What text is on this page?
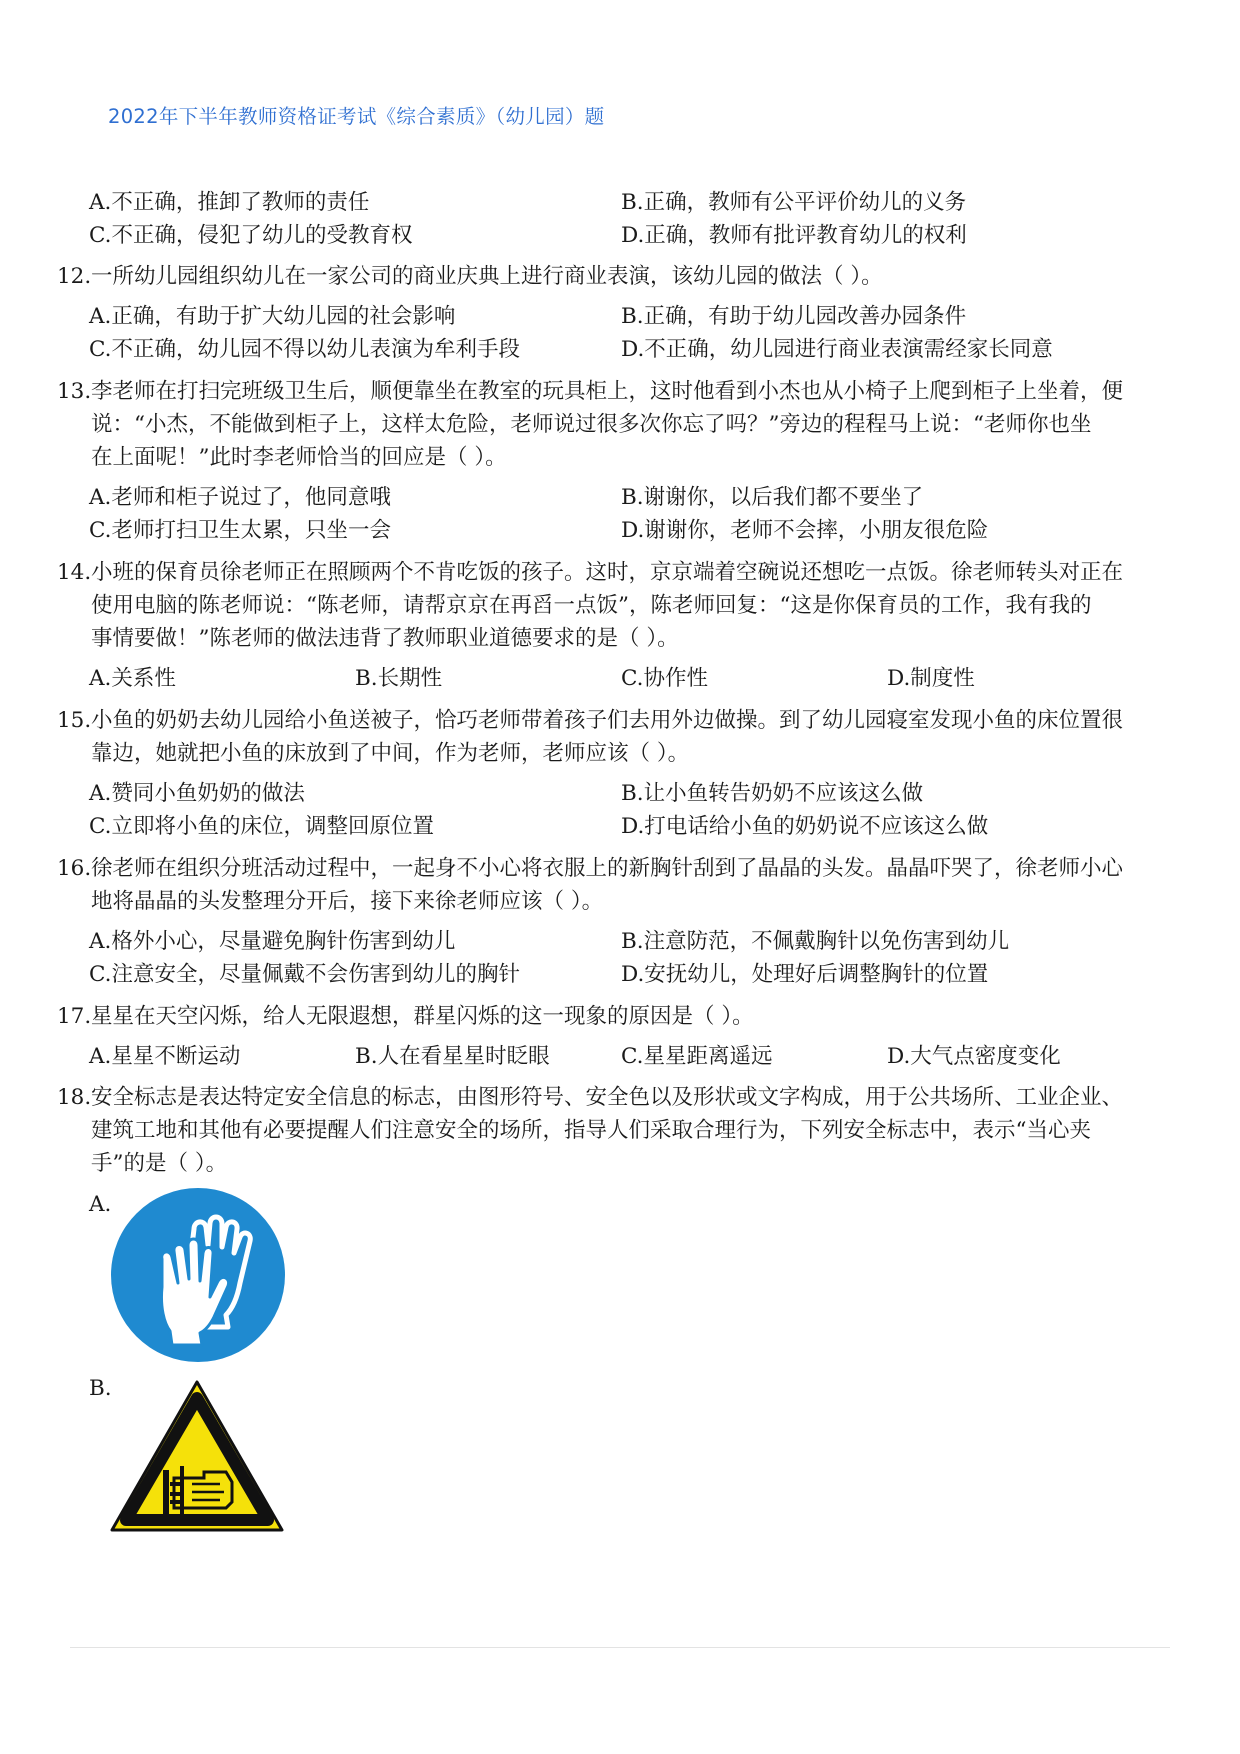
2022年下半年教师资格证考试《综合素质》（幼儿园）题
A.不正确，推卸了教师的责任	B.正确，教师有公平评价幼儿的义务
C.不正确，侵犯了幼儿的受教育权	D.正确，教师有批评教育幼儿的权利
12. 一所幼儿园组织幼儿在一家公司的商业庆典上进行商业表演，该幼儿园的做法（ ）。
A.正确，有助于扩大幼儿园的社会影响	B.正确，有助于幼儿园改善办园条件
C.不正确，幼儿园不得以幼儿表演为牟利手段	D.不正确，幼儿园进行商业表演需经家长同意
13. 李老师在打扫完班级卫生后，顺便靠坐在教室的玩具柜上，这时他看到小杰也从小椅子上爬到柜子上坐着，便
说：“小杰，不能做到柜子上，这样太危险，老师说过很多次你忘了吗？”旁边的程程马上说：“老师你也坐
在上面呢！”此时李老师恰当的回应是（ ）。
A.老师和柜子说过了，他同意哦	B.谢谢你，以后我们都不要坐了
C.老师打扫卫生太累，只坐一会	D.谢谢你，老师不会摔，小朋友很危险
14. 小班的保育员徐老师正在照顾两个不肯吃饭的孩子。这时，京京端着空碗说还想吃一点饭。徐老师转头对正在
使用电脑的陈老师说：“陈老师，请帮京京在再舀一点饭”，陈老师回复：“这是你保育员的工作，我有我的
事情要做！”陈老师的做法违背了教师职业道德要求的是（ ）。
A.关系性	B.长期性	C.协作性	D.制度性
15. 小鱼的奶奶去幼儿园给小鱼送被子，恰巧老师带着孩子们去用外边做操。到了幼儿园寝室发现小鱼的床位置很
靠边，她就把小鱼的床放到了中间，作为老师，老师应该（ ）。
A.赞同小鱼奶奶的做法	B.让小鱼转告奶奶不应该这么做
C.立即将小鱼的床位，调整回原位置	D.打电话给小鱼的奶奶说不应该这么做
16. 徐老师在组织分班活动过程中，一起身不小心将衣服上的新胸针刮到了晶晶的头发。晶晶吓哭了，徐老师小心
地将晶晶的头发整理分开后，接下来徐老师应该（ ）。
A.格外小心，尽量避免胸针伤害到幼儿	B.注意防范，不佩戴胸针以免伤害到幼儿
C.注意安全，尽量佩戴不会伤害到幼儿的胸针	D.安抚幼儿，处理好后调整胸针的位置
17. 星星在天空闪烁，给人无限遐想，群星闪烁的这一现象的原因是（ ）。
A.星星不断运动	B.人在看星星时眨眼	C.星星距离遥远	D.大气点密度变化
18. 安全标志是表达特定安全信息的标志，由图形符号、安全色以及形状或文字构成，用于公共场所、工业企业、
建筑工地和其他有必要提醒人们注意安全的场所，指导人们采取合理行为，下列安全标志中，表示“当心夹
手”的是（ ）。
A.
B.
